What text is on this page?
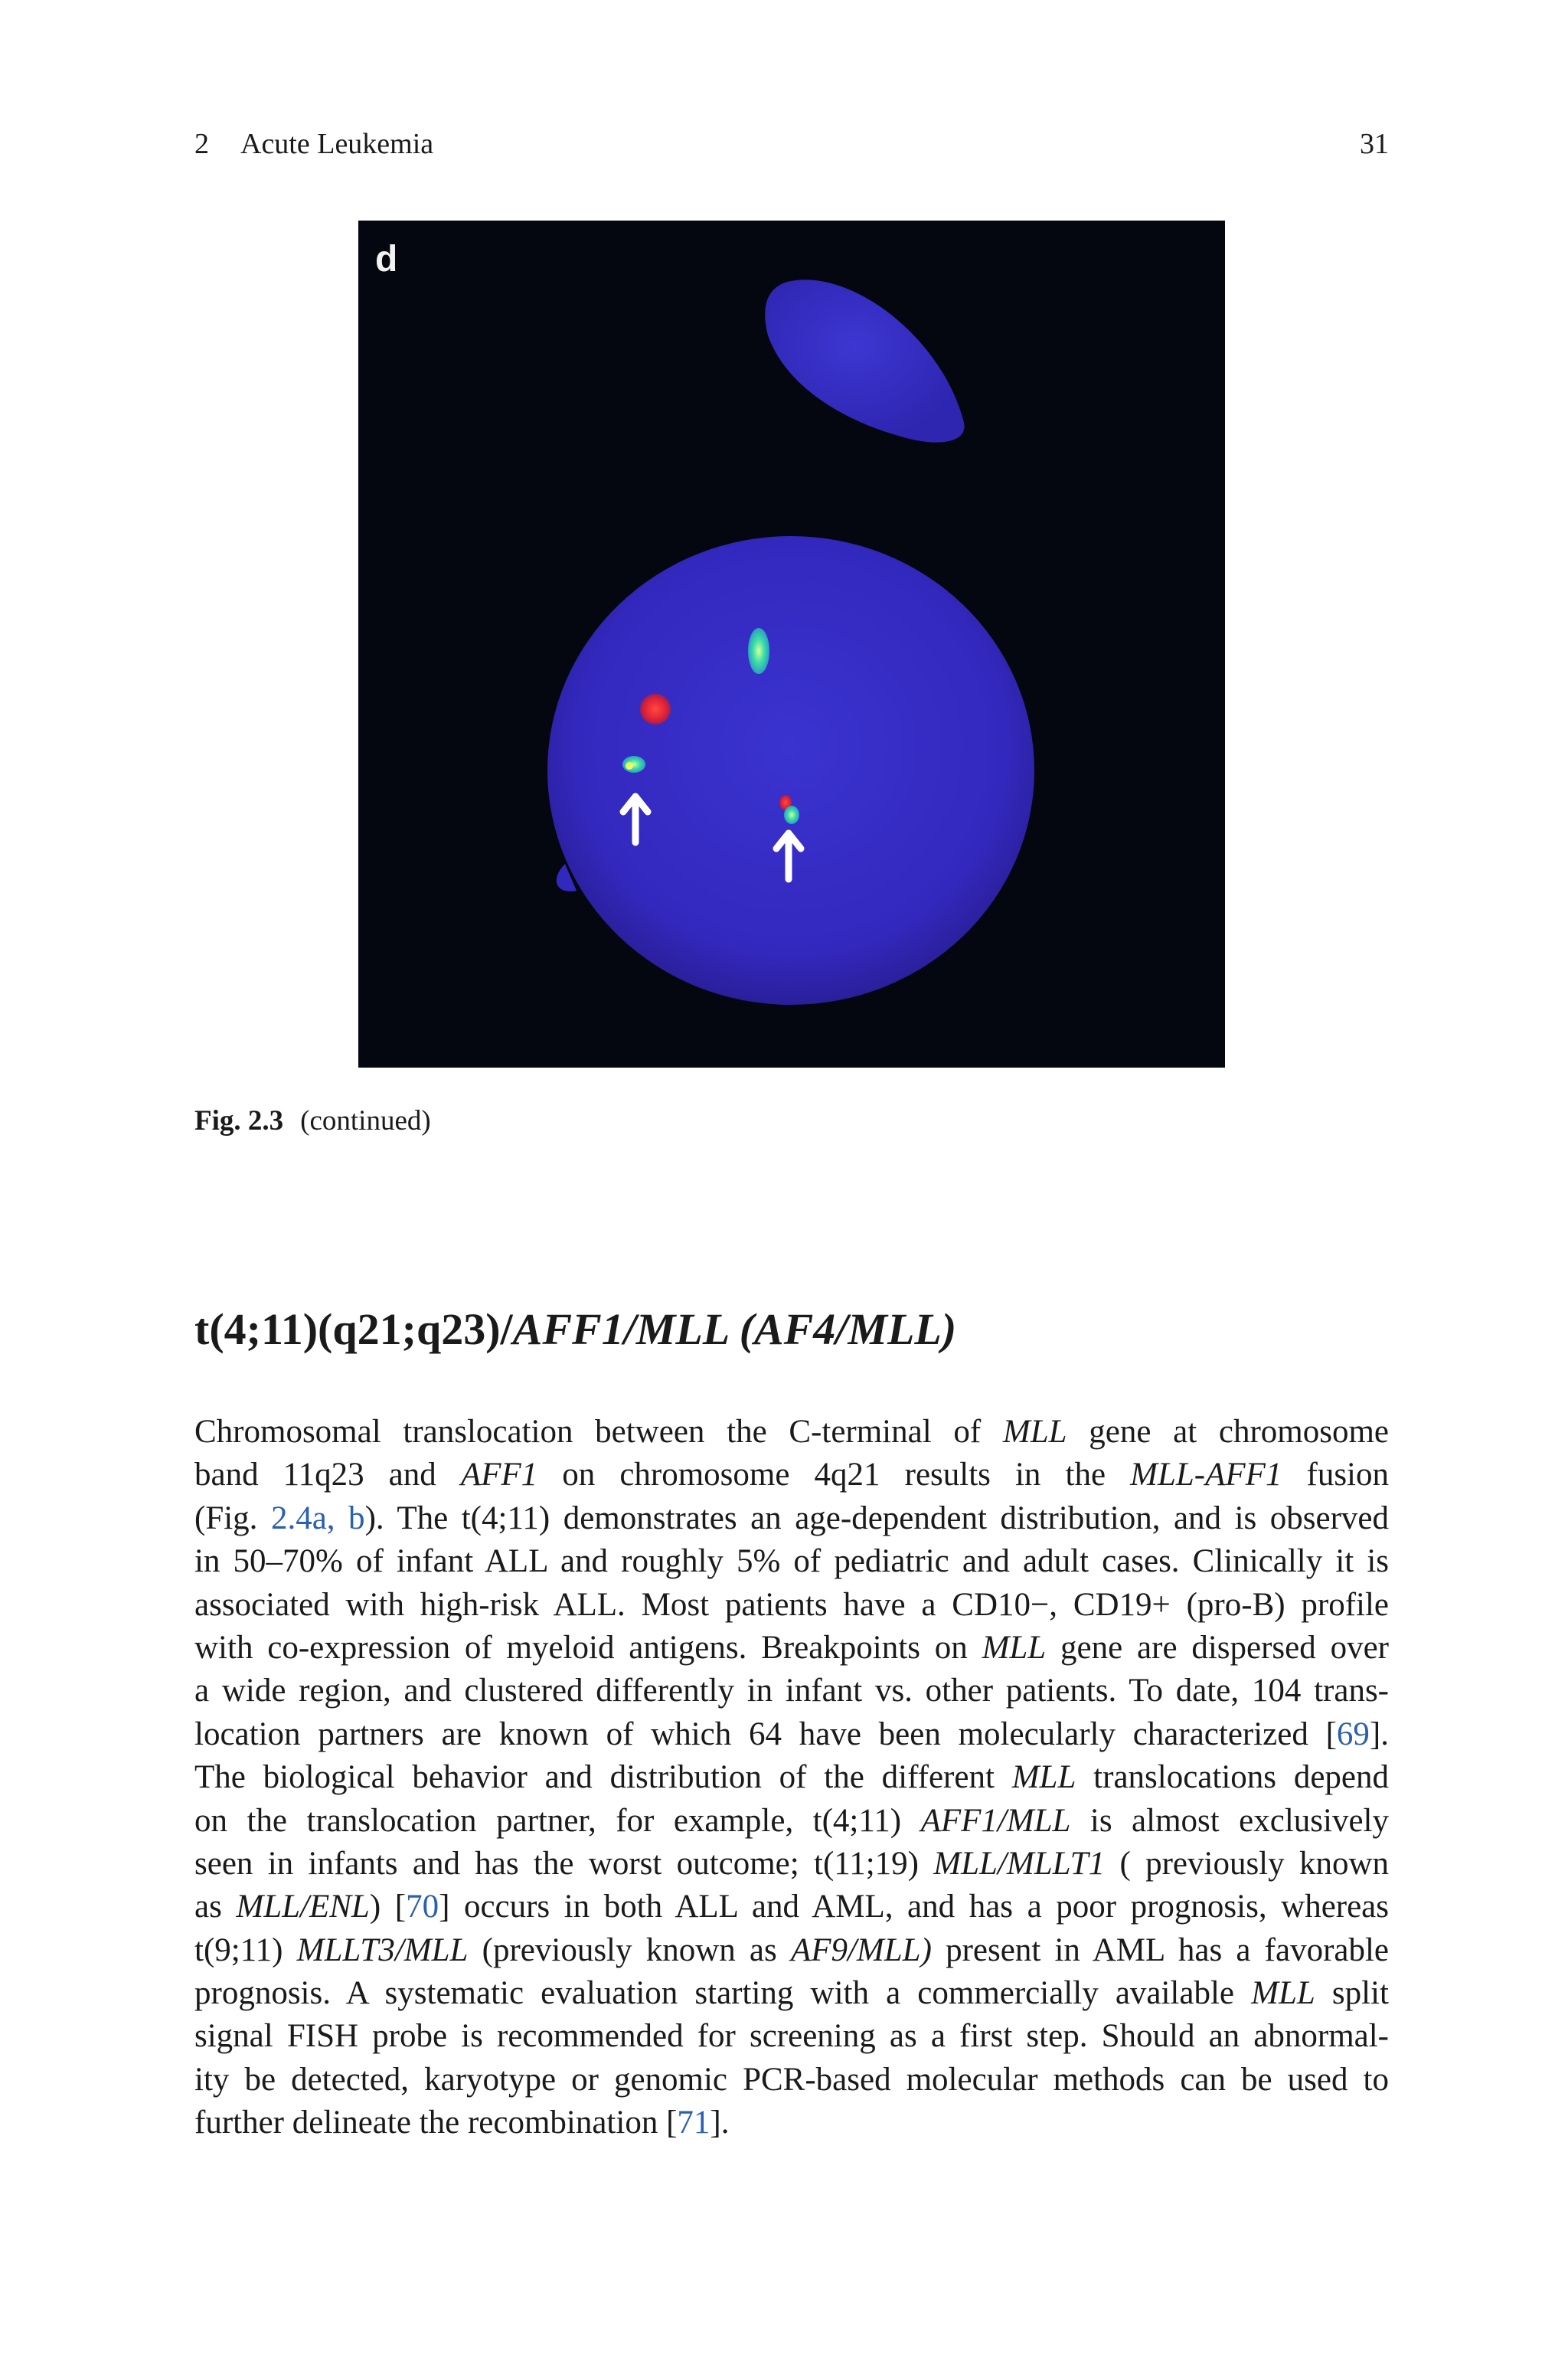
2 Acute Leukemia	31
d
Fig. 2.3 (continued)
t(4;11)(q21;q23)/AFF1/MLL (AF4/MLL)

Chromosomal translocation between the C-terminal of MLL gene at chromosome
band 11q23 and AFF1 on chromosome 4q21 results in the MLL-AFF1 fusion
(Fig. 2.4a, b). The t(4;11) demonstrates an age-dependent distribution, and is observed
in 50–70% of infant ALL and roughly 5% of pediatric and adult cases. Clinically it is
associated with high-risk ALL. Most patients have a CD10−, CD19+ (pro-B) profile
with co-expression of myeloid antigens. Breakpoints on MLL gene are dispersed over
a wide region, and clustered differently in infant vs. other patients. To date, 104 trans-
location partners are known of which 64 have been molecularly characterized [69].
The biological behavior and distribution of the different MLL translocations depend
on the translocation partner, for example, t(4;11) AFF1/MLL is almost exclusively
seen in infants and has the worst outcome; t(11;19) MLL/MLLT1 ( previously known
as MLL/ENL) [70] occurs in both ALL and AML, and has a poor prognosis, whereas
t(9;11) MLLT3/MLL (previously known as AF9/MLL) present in AML has a favorable
prognosis. A systematic evaluation starting with a commercially available MLL split
signal FISH probe is recommended for screening as a first step. Should an abnormal-
ity be detected, karyotype or genomic PCR-based molecular methods can be used to
further delineate the recombination [71].
